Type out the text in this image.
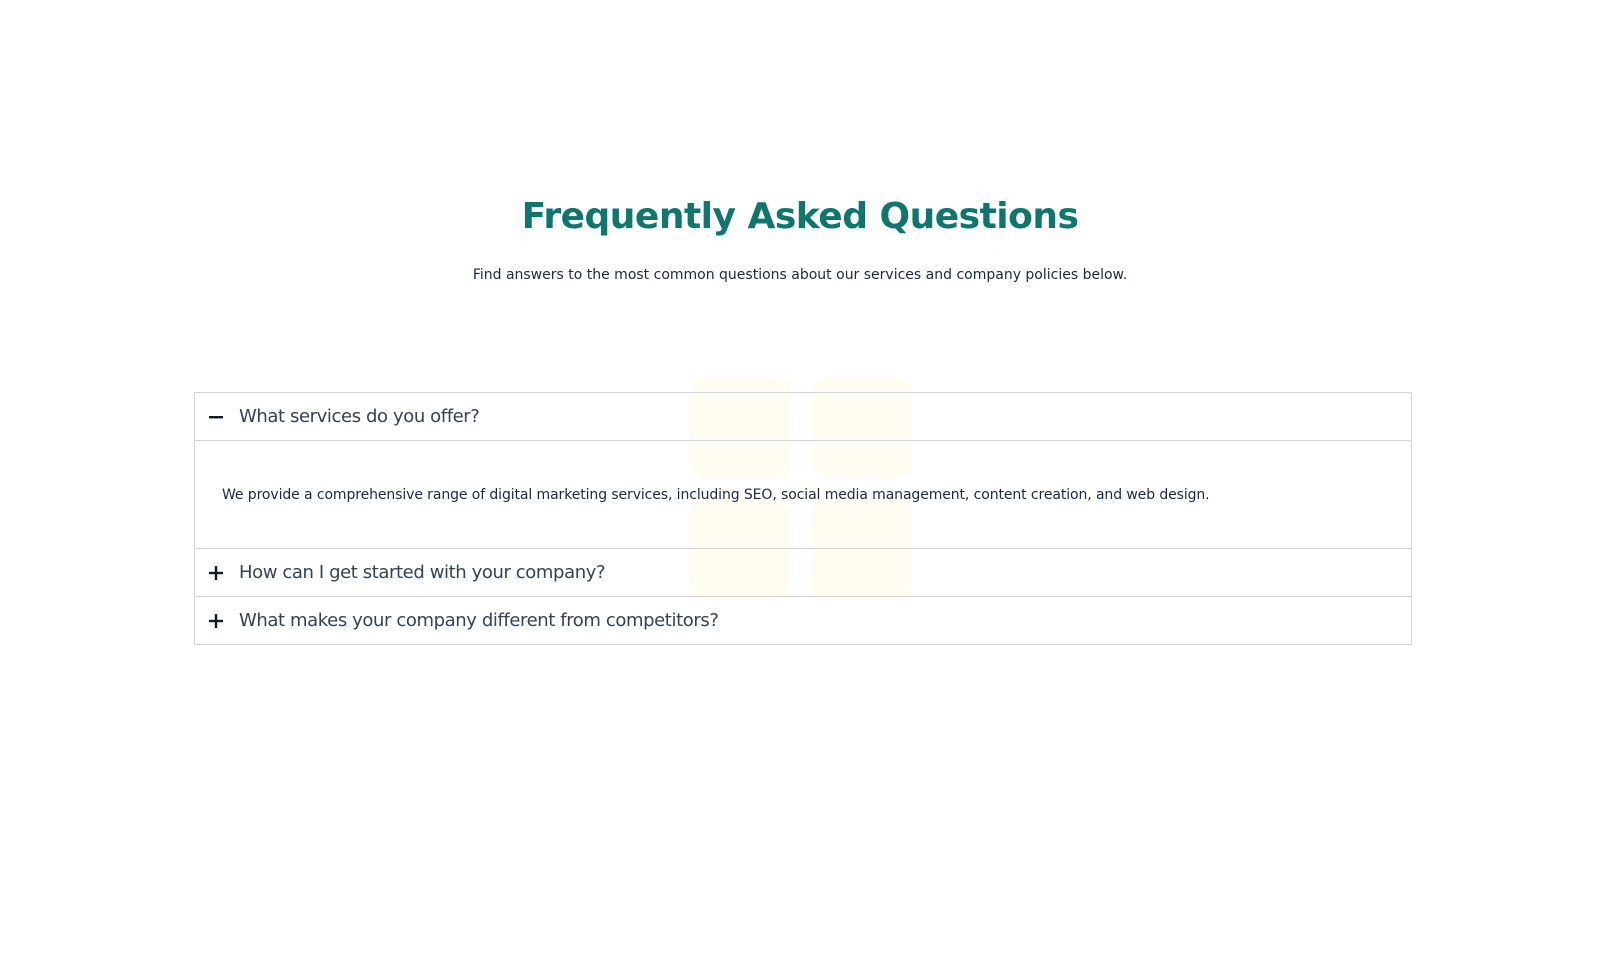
Frequently Asked Questions

Find answers to the most common questions about our services and company policies below.

What services do you offer?
We provide a comprehensive range of digital marketing services, including SEO, social media management, content creation, and web design.
How can I get started with your company?
What makes your company different from competitors?
